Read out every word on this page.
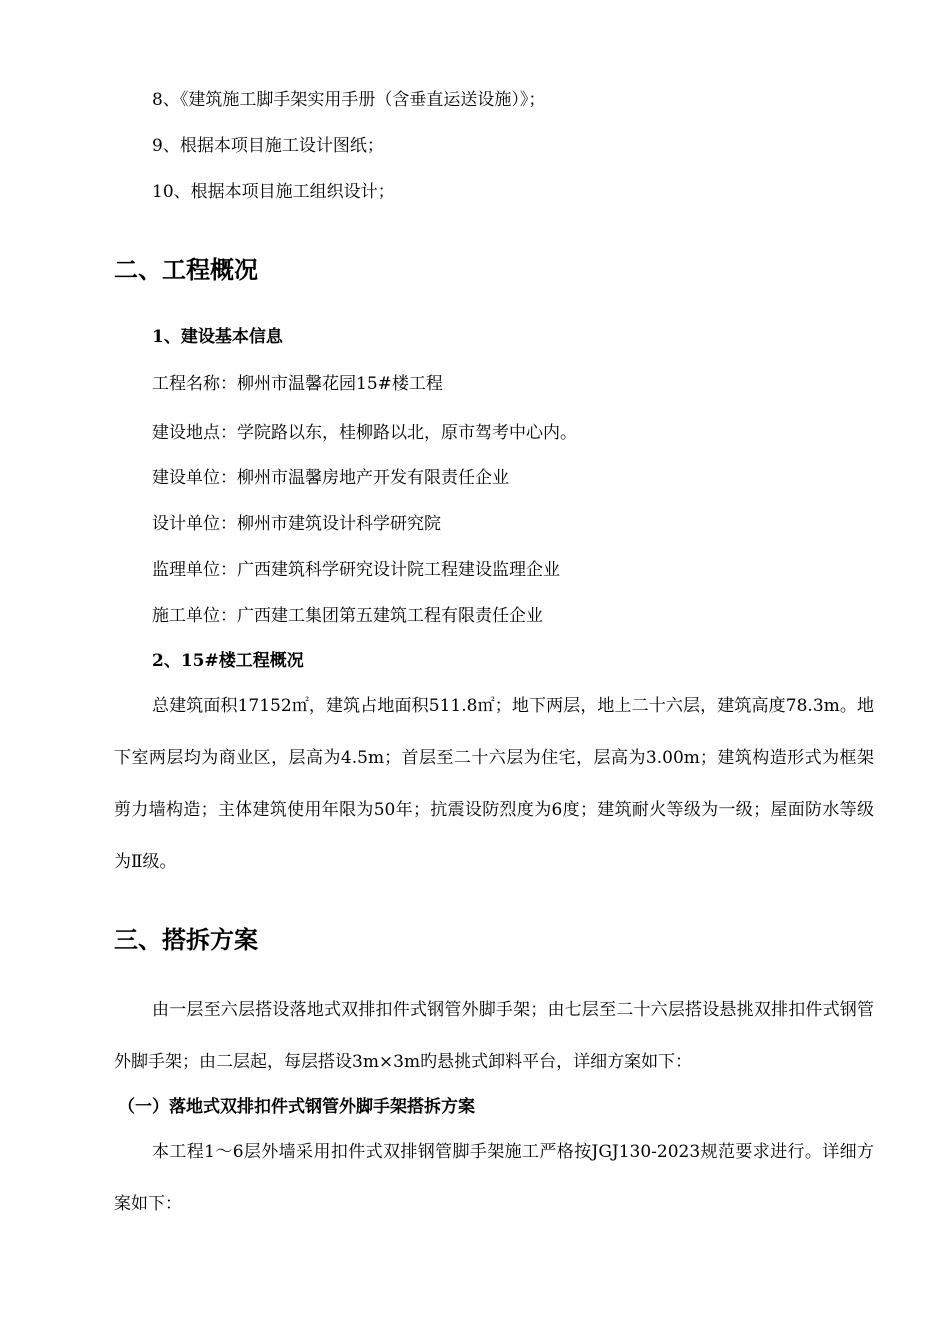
8、《建筑施工脚手架实用手册（含垂直运送设施）》；

9、根据本项目施工设计图纸；

10、根据本项目施工组织设计；

二、工程概况
1、建设基本信息

工程名称：柳州市温馨花园15#楼工程

建设地点：学院路以东，桂柳路以北，原市驾考中心内。

建设单位：柳州市温馨房地产开发有限责任企业

设计单位：柳州市建筑设计科学研究院

监理单位：广西建筑科学研究设计院工程建设监理企业

施工单位：广西建工集团第五建筑工程有限责任企业

2、15#楼工程概况

总建筑面积17152㎡，建筑占地面积511.8㎡；地下两层，地上二十六层，建筑高度78.3m。地下室两层均为商业区，层高为4.5m；首层至二十六层为住宅，层高为3.00m；建筑构造形式为框架剪力墙构造；主体建筑使用年限为50年；抗震设防烈度为6度；建筑耐火等级为一级；屋面防水等级为Ⅱ级。

三、搭拆方案

由一层至六层搭设落地式双排扣件式钢管外脚手架；由七层至二十六层搭设悬挑双排扣件式钢管外脚手架；由二层起，每层搭设3m×3m旳悬挑式卸料平台，详细方案如下：

（一）落地式双排扣件式钢管外脚手架搭拆方案

本工程1～6层外墙采用扣件式双排钢管脚手架施工严格按JGJ130-2023规范要求进行。详细方案如下：
